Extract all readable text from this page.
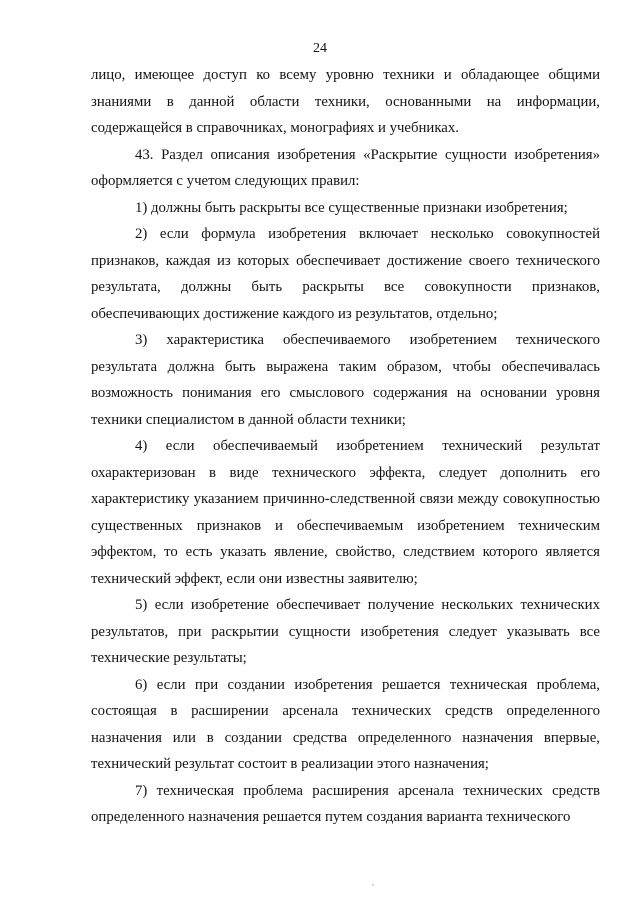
24

лицо, имеющее доступ ко всему уровню техники и обладающее общими знаниями в данной области техники, основанными на информации, содержащейся в справочниках, монографиях и учебниках.

43. Раздел описания изобретения «Раскрытие сущности изобретения» оформляется с учетом следующих правил:

1) должны быть раскрыты все существенные признаки изобретения;

2) если формула изобретения включает несколько совокупностей признаков, каждая из которых обеспечивает достижение своего технического результата, должны быть раскрыты все совокупности признаков, обеспечивающих достижение каждого из результатов, отдельно;

3) характеристика обеспечиваемого изобретением технического результата должна быть выражена таким образом, чтобы обеспечивалась возможность понимания его смыслового содержания на основании уровня техники специалистом в данной области техники;

4) если обеспечиваемый изобретением технический результат охарактеризован в виде технического эффекта, следует дополнить его характеристику указанием причинно-следственной связи между совокупностью существенных признаков и обеспечиваемым изобретением техническим эффектом, то есть указать явление, свойство, следствием которого является технический эффект, если они известны заявителю;

5) если изобретение обеспечивает получение нескольких технических результатов, при раскрытии сущности изобретения следует указывать все технические результаты;

6) если при создании изобретения решается техническая проблема, состоящая в расширении арсенала технических средств определенного назначения или в создании средства определенного назначения впервые, технический результат состоит в реализации этого назначения;

7) техническая проблема расширения арсенала технических средств определенного назначения решается путем создания варианта технического
